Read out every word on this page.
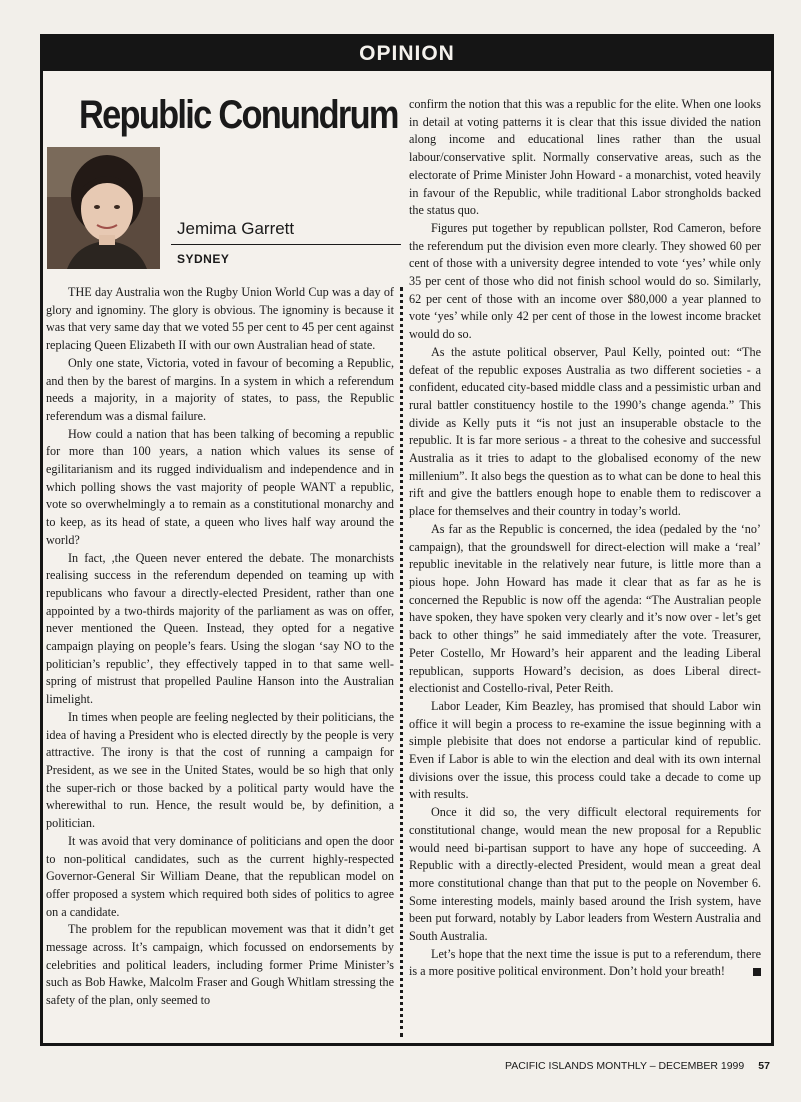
OPINION
Republic Conundrum
Jemima Garrett
SYDNEY

THE day Australia won the Rugby Union World Cup was a day of glory and ignominy. The glory is obvious. The ignominy is because it was that very same day that we voted 55 per cent to 45 per cent against replacing Queen Elizabeth II with our own Australian head of state.

Only one state, Victoria, voted in favour of becoming a Republic, and then by the barest of margins. In a system in which a referendum needs a majority, in a majority of states, to pass, the Republic referendum was a dismal failure.

How could a nation that has been talking of becoming a republic for more than 100 years, a nation which values its sense of egilitarianism and its rugged individualism and independence and in which polling shows the vast majority of people WANT a republic, vote so overwhelmingly a to remain as a constitutional monarchy and to keep, as its head of state, a queen who lives half way around the world?

In fact, ,the Queen never entered the debate. The monarchists realising success in the referendum depended on teaming up with republicans who favour a directly-elected President, rather than one appointed by a two-thirds majority of the parliament as was on offer, never mentioned the Queen. Instead, they opted for a negative campaign playing on people’s fears. Using the slogan ‘say NO to the politician’s republic’, they effectively tapped in to that same well-spring of mistrust that propelled Pauline Hanson into the Australian limelight.

In times when people are feeling neglected by their politicians, the idea of having a President who is elected directly by the people is very attractive. The irony is that the cost of running a campaign for President, as we see in the United States, would be so high that only the super-rich or those backed by a political party would have the wherewithal to run. Hence, the result would be, by definition, a politician.

It was avoid that very dominance of politicians and open the door to non-political candidates, such as the current highly-respected Governor-General Sir William Deane, that the republican model on offer proposed a system which required both sides of politics to agree on a candidate.

The problem for the republican movement was that it didn’t get message across. It’s campaign, which focussed on endorsements by celebrities and political leaders, including former Prime Minister’s such as Bob Hawke, Malcolm Fraser and Gough Whitlam stressing the safety of the plan, only seemed to

confirm the notion that this was a republic for the elite. When one looks in detail at voting patterns it is clear that this issue divided the nation along income and educational lines rather than the usual labour/conservative split. Normally conservative areas, such as the electorate of Prime Minister John Howard - a monarchist, voted heavily in favour of the Republic, while traditional Labor strongholds backed the status quo.

Figures put together by republican pollster, Rod Cameron, before the referendum put the division even more clearly. They showed 60 per cent of those with a university degree intended to vote ‘yes’ while only 35 per cent of those who did not finish school would do so. Similarly, 62 per cent of those with an income over $80,000 a year planned to vote ‘yes’ while only 42 per cent of those in the lowest income bracket would do so.

As the astute political observer, Paul Kelly, pointed out: “The defeat of the republic exposes Australia as two different societies - a confident, educated city-based middle class and a pessimistic urban and rural battler constituency hostile to the 1990’s change agenda.” This divide as Kelly puts it “is not just an insuperable obstacle to the republic. It is far more serious - a threat to the cohesive and successful Australia as it tries to adapt to the globalised economy of the new millenium”. It also begs the question as to what can be done to heal this rift and give the battlers enough hope to enable them to rediscover a place for themselves and their country in today’s world.

As far as the Republic is concerned, the idea (pedaled by the ‘no’ campaign), that the groundswell for direct-election will make a ‘real’ republic inevitable in the relatively near future, is little more than a pious hope. John Howard has made it clear that as far as he is concerned the Republic is now off the agenda: “The Australian people have spoken, they have spoken very clearly and it’s now over - let’s get back to other things” he said immediately after the vote. Treasurer, Peter Costello, Mr Howard’s heir apparent and the leading Liberal republican, supports Howard’s decision, as does Liberal direct-electionist and Costello-rival, Peter Reith.

Labor Leader, Kim Beazley, has promised that should Labor win office it will begin a process to re-examine the issue beginning with a simple plebisite that does not endorse a particular kind of republic. Even if Labor is able to win the election and deal with its own internal divisions over the issue, this process could take a decade to come up with results.

Once it did so, the very difficult electoral requirements for constitutional change, would mean the new proposal for a Republic would need bi-partisan support to have any hope of succeeding. A Republic with a directly-elected President, would mean a great deal more constitutional change than that put to the people on November 6. Some interesting models, mainly based around the Irish system, have been put forward, notably by Labor leaders from Western Australia and South Australia.

Let’s hope that the next time the issue is put to a referendum, there is a more positive political environment. Don’t hold your breath!

PACIFIC ISLANDS MONTHLY – DECEMBER 1999 57
